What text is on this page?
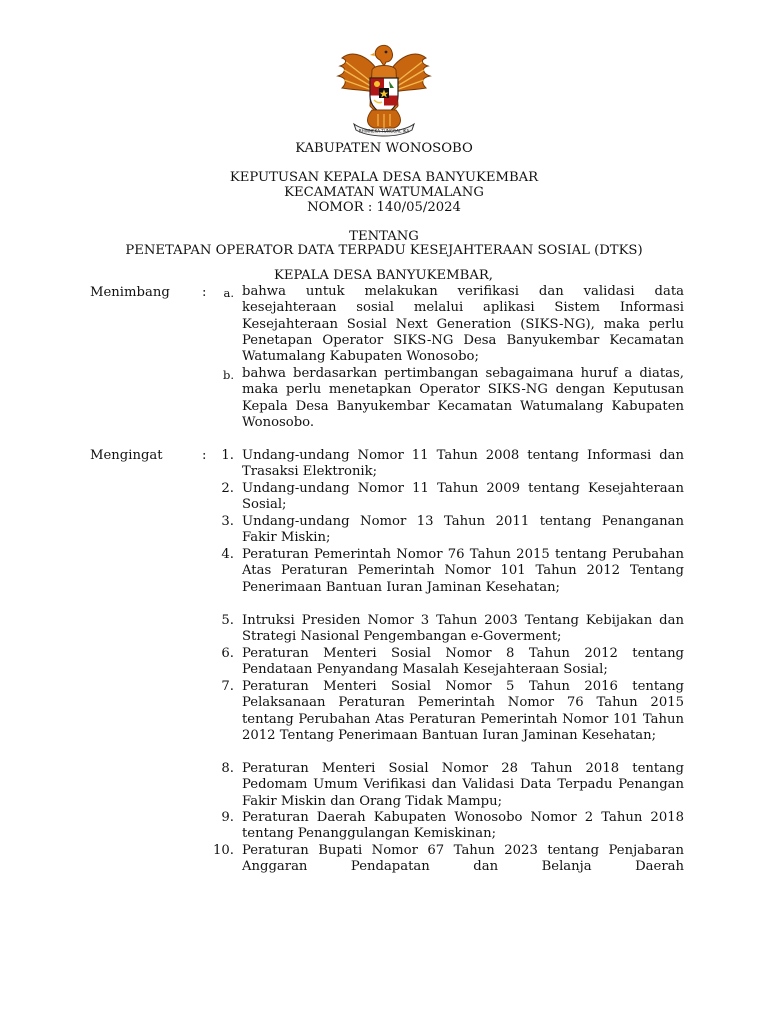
BHINNEKA TUNGGAL IKA
KABUPATEN WONOSOBO
KEPUTUSAN KEPALA DESA BANYUKEMBAR
KECAMATAN WATUMALANG
NOMOR : 140/05/2024
TENTANG
PENETAPAN OPERATOR DATA TERPADU KESEJAHTERAAN SOSIAL (DTKS)
KEPALA DESA BANYUKEMBAR,
Menimbang :	a. bahwa untuk melakukan verifikasi dan validasi data kesejahteraan sosial melalui aplikasi Sistem Informasi Kesejahteraan Sosial Next Generation (SIKS-NG), maka perlu Penetapan Operator SIKS-NG Desa Banyukembar Kecamatan Watumalang Kabupaten Wonosobo;
b. bahwa berdasarkan pertimbangan sebagaimana huruf a diatas, maka perlu menetapkan Operator SIKS-NG dengan Keputusan Kepala Desa Banyukembar Kecamatan Watumalang Kabupaten Wonosobo.
Mengingat	:	1. Undang-undang Nomor 11 Tahun 2008 tentang Informasi dan Trasaksi Elektronik;
2. Undang-undang Nomor 11 Tahun 2009 tentang Kesejahteraan Sosial;
3. Undang-undang Nomor 13 Tahun 2011 tentang Penanganan Fakir Miskin;
4. Peraturan Pemerintah Nomor 76 Tahun 2015 tentang Perubahan Atas Peraturan Pemerintah Nomor 101 Tahun 2012 Tentang Penerimaan Bantuan Iuran Jaminan Kesehatan;
5. Intruksi Presiden Nomor 3 Tahun 2003 Tentang Kebijakan dan Strategi Nasional Pengembangan e-Goverment;
6. Peraturan Menteri Sosial Nomor 8 Tahun 2012 tentang Pendataan Penyandang Masalah Kesejahteraan Sosial;
7. Peraturan Menteri Sosial Nomor 5 Tahun 2016 tentang Pelaksanaan Peraturan Pemerintah Nomor 76 Tahun 2015 tentang Perubahan Atas Peraturan Pemerintah Nomor 101 Tahun 2012 Tentang Penerimaan Bantuan Iuran Jaminan Kesehatan;
8. Peraturan Menteri Sosial Nomor 28 Tahun 2018 tentang Pedomam Umum Verifikasi dan Validasi Data Terpadu Penangan Fakir Miskin dan Orang Tidak Mampu;
9. Peraturan Daerah Kabupaten Wonosobo Nomor 2 Tahun 2018 tentang Penanggulangan Kemiskinan;
10. Peraturan Bupati Nomor 67 Tahun 2023 tentang Penjabaran Anggaran Pendapatan dan Belanja Daerah
